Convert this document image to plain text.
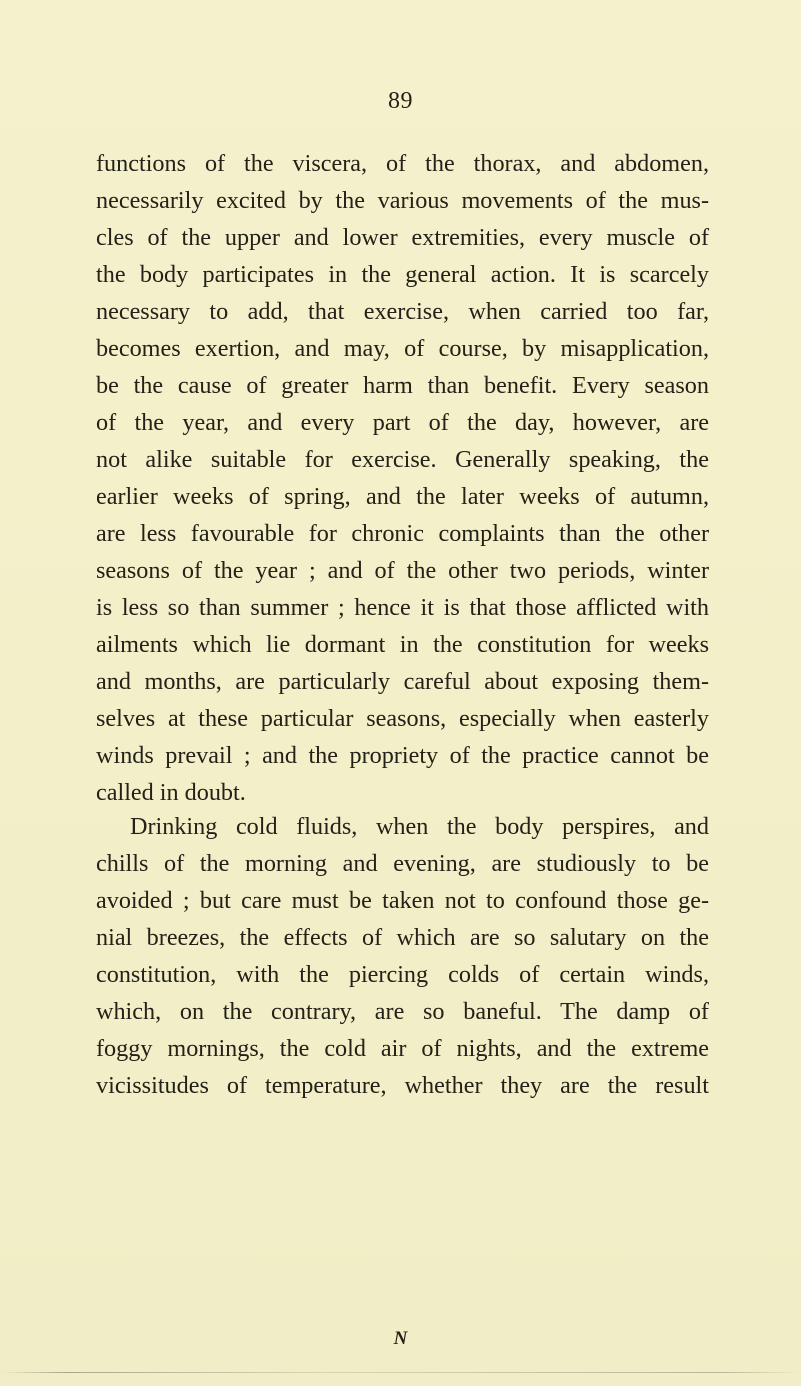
89
functions of the viscera, of the thorax, and abdomen,
necessarily excited by the various movements of the mus-
cles of the upper and lower extremities, every muscle of
the body participates in the general action. It is scarcely
necessary to add, that exercise, when carried too far,
becomes exertion, and may, of course, by misapplication,
be the cause of greater harm than benefit. Every season
of the year, and every part of the day, however, are
not alike suitable for exercise. Generally speaking, the
earlier weeks of spring, and the later weeks of autumn,
are less favourable for chronic complaints than the other
seasons of the year ; and of the other two periods, winter
is less so than summer ; hence it is that those afflicted with
ailments which lie dormant in the constitution for weeks
and months, are particularly careful about exposing them-
selves at these particular seasons, especially when easterly
winds prevail ; and the propriety of the practice cannot be
called in doubt.
Drinking cold fluids, when the body perspires, and
chills of the morning and evening, are studiously to be
avoided ; but care must be taken not to confound those ge-
nial breezes, the effects of which are so salutary on the
constitution, with the piercing colds of certain winds,
which, on the contrary, are so baneful. The damp of
foggy mornings, the cold air of nights, and the extreme
vicissitudes of temperature, whether they are the result
N
